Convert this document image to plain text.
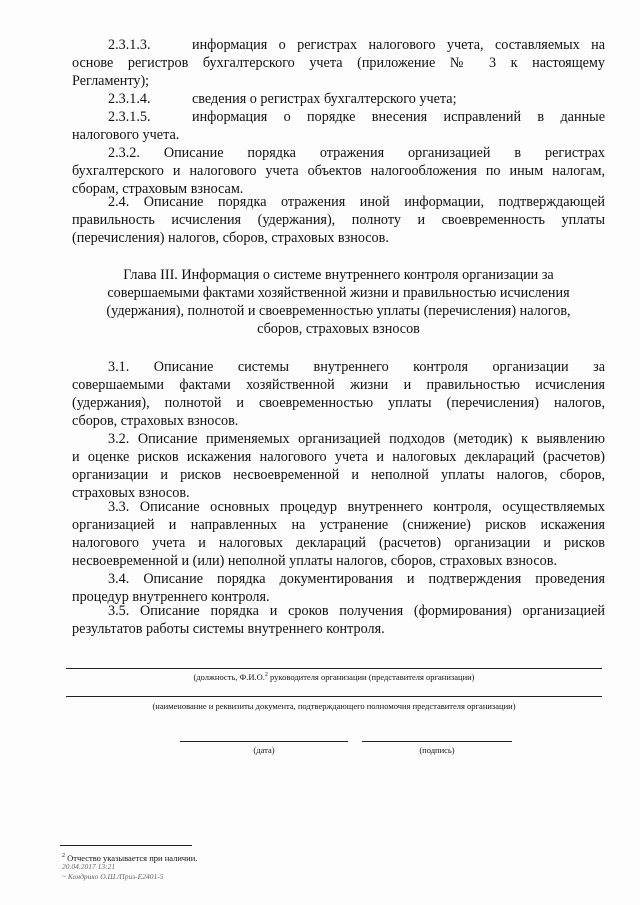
2.3.1.3.	информация о регистрах налогового учета, составляемых на
основе регистров бухгалтерского учета (приложение № 3 к настоящему
Регламенту);
2.3.1.4.	сведения о регистрах бухгалтерского учета;
2.3.1.5.	информация о порядке внесения исправлений в данные
налогового учета.
2.3.2. Описание порядка отражения организацией в регистрах
бухгалтерского и налогового учета объектов налогообложения по иным налогам,
сборам, страховым взносам.
2.4. Описание порядка отражения иной информации, подтверждающей
правильность исчисления (удержания), полноту и своевременность уплаты
(перечисления) налогов, сборов, страховых взносов.
Глава III. Информация о системе внутреннего контроля организации за
совершаемыми фактами хозяйственной жизни и правильностью исчисления
(удержания), полнотой и своевременностью уплаты (перечисления) налогов,
сборов, страховых взносов
3.1. Описание системы внутреннего контроля организации за
совершаемыми фактами хозяйственной жизни и правильностью исчисления
(удержания), полнотой и своевременностью уплаты (перечисления) налогов,
сборов, страховых взносов.
3.2. Описание применяемых организацией подходов (методик) к выявлению
и оценке рисков искажения налогового учета и налоговых деклараций (расчетов)
организации и рисков несвоевременной и неполной уплаты налогов, сборов,
страховых взносов.
3.3. Описание основных процедур внутреннего контроля, осуществляемых
организацией и направленных на устранение (снижение) рисков искажения
налогового учета и налоговых деклараций (расчетов) организации и рисков
несвоевременной и (или) неполной уплаты налогов, сборов, страховых взносов.
3.4. Описание порядка документирования и подтверждения проведения
процедур внутреннего контроля.
3.5. Описание порядка и сроков получения (формирования) организацией
результатов работы системы внутреннего контроля.
(должность, Ф.И.О.$^2$ руководителя организации (представителя организации)
(наименование и реквизиты документа, подтверждающего полномочия представителя организации)
(дата)	(подпись)
$^2$ Отчество указывается при наличии.
20.04.2017 13:21
~ Кондрико О.Ш./Приз-Е2401-5
